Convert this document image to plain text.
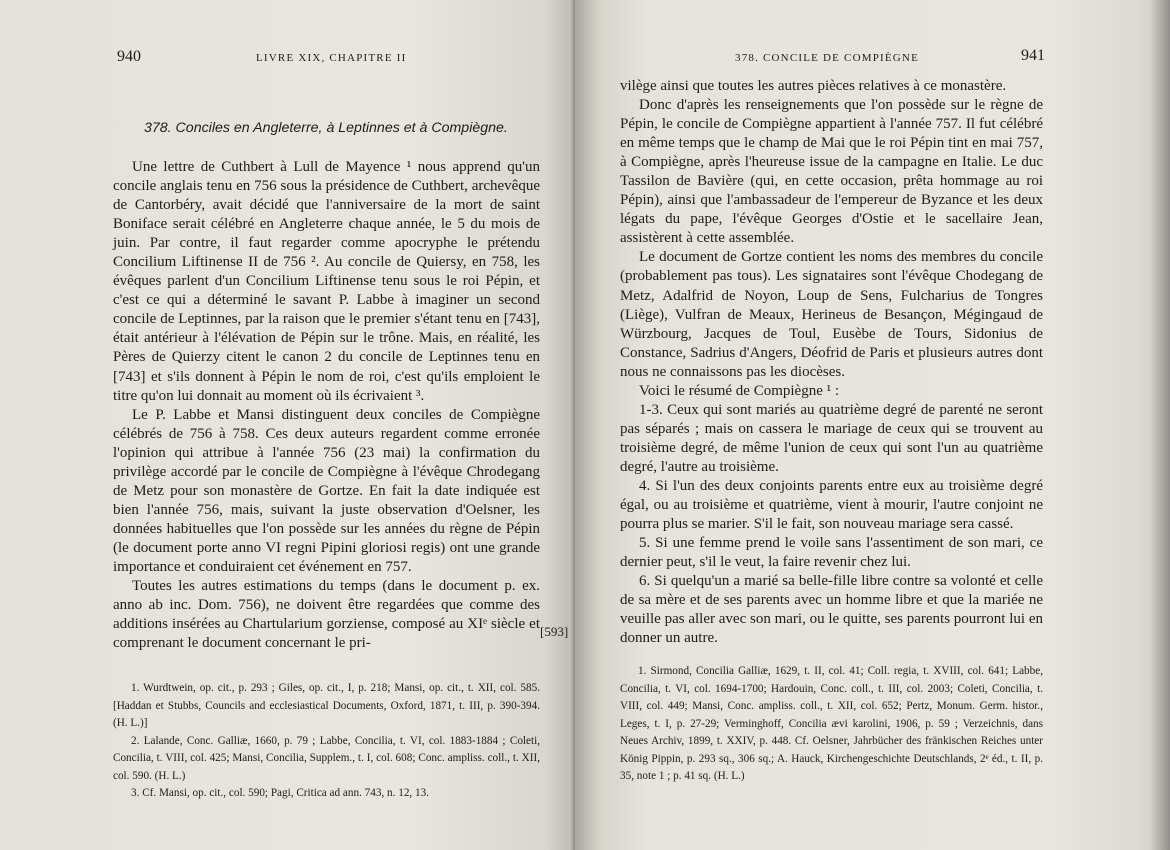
940	LIVRE XIX, CHAPITRE II
378. Conciles en Angleterre, à Leptinnes et à Compiègne.

Une lettre de Cuthbert à Lull de Mayence ¹ nous apprend qu'un concile anglais tenu en 756 sous la présidence de Cuthbert, archevêque de Cantorbéry, avait décidé que l'anniversaire de la mort de saint Boniface serait célébré en Angleterre chaque année, le 5 du mois de juin. Par contre, il faut regarder comme apocryphe le prétendu Concilium Liftinense II de 756 ². Au concile de Quiersy, en 758, les évêques parlent d'un Concilium Liftinense tenu sous le roi Pépin, et c'est ce qui a déterminé le savant P. Labbe à imaginer un second concile de Leptinnes, par la raison que le premier s'étant tenu en [743], était antérieur à l'élévation de Pépin sur le trône. Mais, en réalité, les Pères de Quierzy citent le canon 2 du concile de Leptinnes tenu en [743] et s'ils donnent à Pépin le nom de roi, c'est qu'ils emploient le titre qu'on lui donnait au moment où ils écrivaient ³.

Le P. Labbe et Mansi distinguent deux conciles de Compiègne célébrés de 756 à 758. Ces deux auteurs regardent comme erronée l'opinion qui attribue à l'année 756 (23 mai) la confirmation du privilège accordé par le concile de Compiègne à l'évêque Chrodegang de Metz pour son monastère de Gortze. En fait la date indiquée est bien l'année 756, mais, suivant la juste observation d'Oelsner, les données habituelles que l'on possède sur les années du règne de Pépin (le document porte anno VI regni Pipini gloriosi regis) ont une grande importance et conduiraient cet événement en 757.

Toutes les autres estimations du temps (dans le document p. ex. anno ab inc. Dom. 756), ne doivent être regardées que comme des additions insérées au Chartularium gorziense, composé au XIᵉ siècle et comprenant le document concernant le pri-

[593]

1. Wurdtwein, op. cit., p. 293 ; Giles, op. cit., I, p. 218; Mansi, op. cit., t. XII, col. 585. [Haddan et Stubbs, Councils and ecclesiastical Documents, Oxford, 1871, t. III, p. 390-394. (H. L.)]

2. Lalande, Conc. Galliæ, 1660, p. 79 ; Labbe, Concilia, t. VI, col. 1883-1884 ; Coleti, Concilia, t. VIII, col. 425; Mansi, Concilia, Supplem., t. I, col. 608; Conc. ampliss. coll., t. XII, col. 590. (H. L.)

3. Cf. Mansi, op. cit., col. 590; Pagi, Critica ad ann. 743, n. 12, 13.

378. CONCILE DE COMPIÈGNE	941

vilège ainsi que toutes les autres pièces relatives à ce monastère.

Donc d'après les renseignements que l'on possède sur le règne de Pépin, le concile de Compiègne appartient à l'année 757. Il fut célébré en même temps que le champ de Mai que le roi Pépin tint en mai 757, à Compiègne, après l'heureuse issue de la campagne en Italie. Le duc Tassilon de Bavière (qui, en cette occasion, prêta hommage au roi Pépin), ainsi que l'ambassadeur de l'empereur de Byzance et les deux légats du pape, l'évêque Georges d'Ostie et le sacellaire Jean, assistèrent à cette assemblée.

Le document de Gortze contient les noms des membres du concile (probablement pas tous). Les signataires sont l'évêque Chodegang de Metz, Adalfrid de Noyon, Loup de Sens, Fulcharius de Tongres (Liège), Vulfran de Meaux, Herineus de Besançon, Mégingaud de Würzbourg, Jacques de Toul, Eusèbe de Tours, Sidonius de Constance, Sadrius d'Angers, Déofrid de Paris et plusieurs autres dont nous ne connaissons pas les diocèses.

Voici le résumé de Compiègne ¹ :

1-3. Ceux qui sont mariés au quatrième degré de parenté ne seront pas séparés ; mais on cassera le mariage de ceux qui se trouvent au troisième degré, de même l'union de ceux qui sont l'un au quatrième degré, l'autre au troisième.

4. Si l'un des deux conjoints parents entre eux au troisième degré égal, ou au troisième et quatrième, vient à mourir, l'autre conjoint ne pourra plus se marier. S'il le fait, son nouveau mariage sera cassé.

5. Si une femme prend le voile sans l'assentiment de son mari, ce dernier peut, s'il le veut, la faire revenir chez lui.

6. Si quelqu'un a marié sa belle-fille libre contre sa volonté et celle de sa mère et de ses parents avec un homme libre et que la mariée ne veuille pas aller avec son mari, ou le quitte, ses parents pourront lui en donner un autre.

1. Sirmond, Concilia Galliæ, 1629, t. II, col. 41; Coll. regia, t. XVIII, col. 641; Labbe, Concilia, t. VI, col. 1694-1700; Hardouin, Conc. coll., t. III, col. 2003; Coleti, Concilia, t. VIII, col. 449; Mansi, Conc. ampliss. coll., t. XII, col. 652; Pertz, Monum. Germ. histor., Leges, t. I, p. 27-29; Verminghoff, Concilia ævi karolini, 1906, p. 59 ; Verzeichnis, dans Neues Archiv, 1899, t. XXIV, p. 448. Cf. Oelsner, Jahrbücher des fränkischen Reiches unter König Pippin, p. 293 sq., 306 sq.; A. Hauck, Kirchengeschichte Deutschlands, 2ᵉ éd., t. II, p. 35, note 1 ; p. 41 sq. (H. L.)
